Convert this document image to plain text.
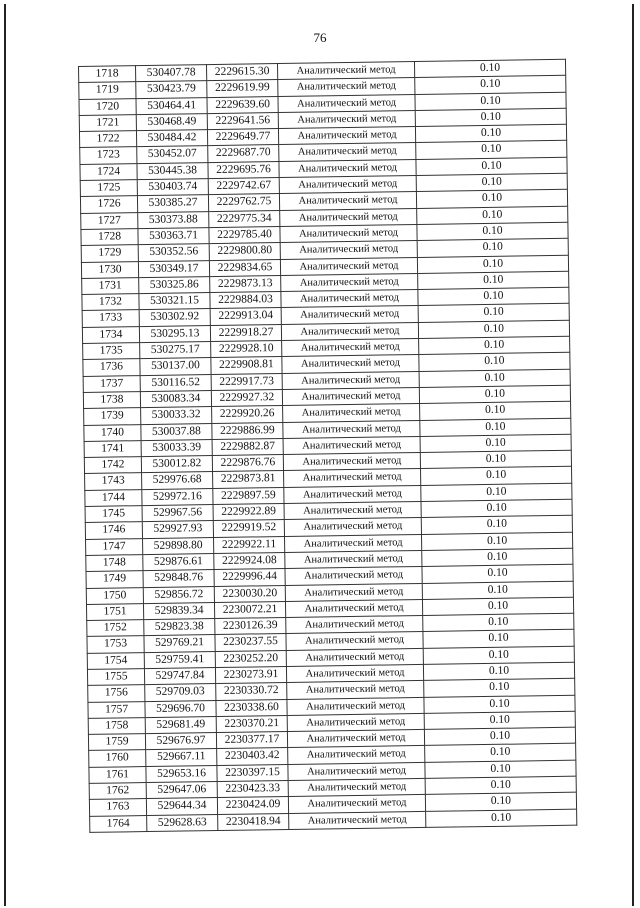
76
1718	530407.78	2229615.30	Аналитический метод	0.10
1719	530423.79	2229619.99	Аналитический метод	0.10
1720	530464.41	2229639.60	Аналитический метод	0.10
1721	530468.49	2229641.56	Аналитический метод	0.10
1722	530484.42	2229649.77	Аналитический метод	0.10
1723	530452.07	2229687.70	Аналитический метод	0.10
1724	530445.38	2229695.76	Аналитический метод	0.10
1725	530403.74	2229742.67	Аналитический метод	0.10
1726	530385.27	2229762.75	Аналитический метод	0.10
1727	530373.88	2229775.34	Аналитический метод	0.10
1728	530363.71	2229785.40	Аналитический метод	0.10
1729	530352.56	2229800.80	Аналитический метод	0.10
1730	530349.17	2229834.65	Аналитический метод	0.10
1731	530325.86	2229873.13	Аналитический метод	0.10
1732	530321.15	2229884.03	Аналитический метод	0.10
1733	530302.92	2229913.04	Аналитический метод	0.10
1734	530295.13	2229918.27	Аналитический метод	0.10
1735	530275.17	2229928.10	Аналитический метод	0.10
1736	530137.00	2229908.81	Аналитический метод	0.10
1737	530116.52	2229917.73	Аналитический метод	0.10
1738	530083.34	2229927.32	Аналитический метод	0.10
1739	530033.32	2229920.26	Аналитический метод	0.10
1740	530037.88	2229886.99	Аналитический метод	0.10
1741	530033.39	2229882.87	Аналитический метод	0.10
1742	530012.82	2229876.76	Аналитический метод	0.10
1743	529976.68	2229873.81	Аналитический метод	0.10
1744	529972.16	2229897.59	Аналитический метод	0.10
1745	529967.56	2229922.89	Аналитический метод	0.10
1746	529927.93	2229919.52	Аналитический метод	0.10
1747	529898.80	2229922.11	Аналитический метод	0.10
1748	529876.61	2229924.08	Аналитический метод	0.10
1749	529848.76	2229996.44	Аналитический метод	0.10
1750	529856.72	2230030.20	Аналитический метод	0.10
1751	529839.34	2230072.21	Аналитический метод	0.10
1752	529823.38	2230126.39	Аналитический метод	0.10
1753	529769.21	2230237.55	Аналитический метод	0.10
1754	529759.41	2230252.20	Аналитический метод	0.10
1755	529747.84	2230273.91	Аналитический метод	0.10
1756	529709.03	2230330.72	Аналитический метод	0.10
1757	529696.70	2230338.60	Аналитический метод	0.10
1758	529681.49	2230370.21	Аналитический метод	0.10
1759	529676.97	2230377.17	Аналитический метод	0.10
1760	529667.11	2230403.42	Аналитический метод	0.10
1761	529653.16	2230397.15	Аналитический метод	0.10
1762	529647.06	2230423.33	Аналитический метод	0.10
1763	529644.34	2230424.09	Аналитический метод	0.10
1764	529628.63	2230418.94	Аналитический метод	0.10
